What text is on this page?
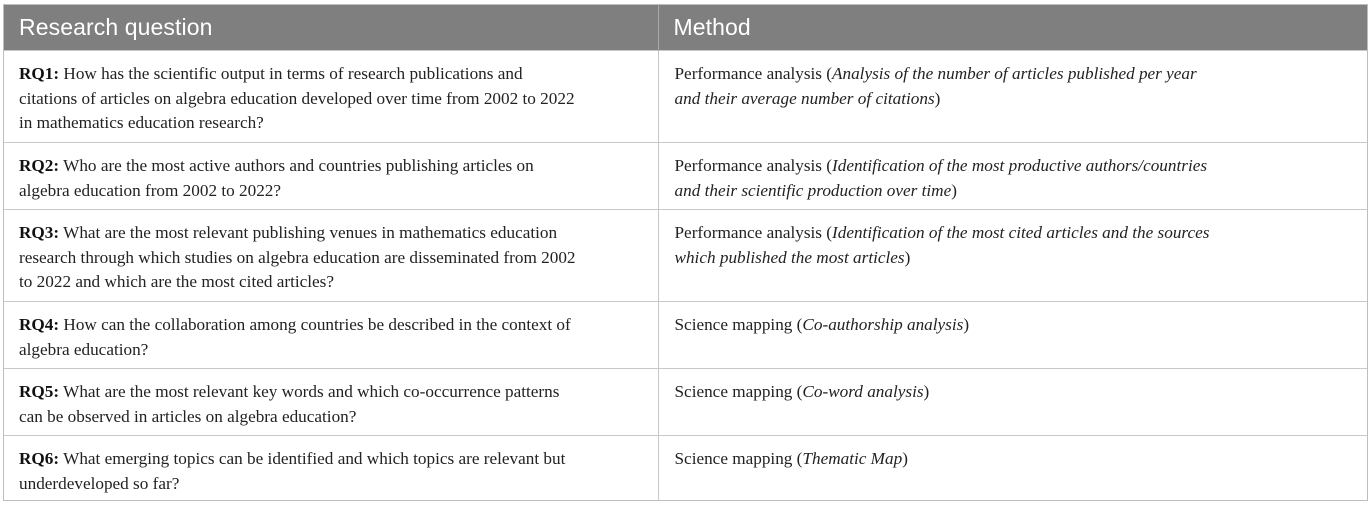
Research question	Method

RQ1: How has the scientific output in terms of research publications and
citations of articles on algebra education developed over time from 2002 to 2022
in mathematics education research?	Performance analysis (Analysis of the number of articles published per year
and their average number of citations)

RQ2: Who are the most active authors and countries publishing articles on
algebra education from 2002 to 2022?	Performance analysis (Identification of the most productive authors/countries
and their scientific production over time)

RQ3: What are the most relevant publishing venues in mathematics education
research through which studies on algebra education are disseminated from 2002
to 2022 and which are the most cited articles?	Performance analysis (Identification of the most cited articles and the sources
which published the most articles)

RQ4: How can the collaboration among countries be described in the context of
algebra education?	Science mapping (Co-authorship analysis)

RQ5: What are the most relevant key words and which co-occurrence patterns
can be observed in articles on algebra education?	Science mapping (Co-word analysis)

RQ6: What emerging topics can be identified and which topics are relevant but
underdeveloped so far?	Science mapping (Thematic Map)
